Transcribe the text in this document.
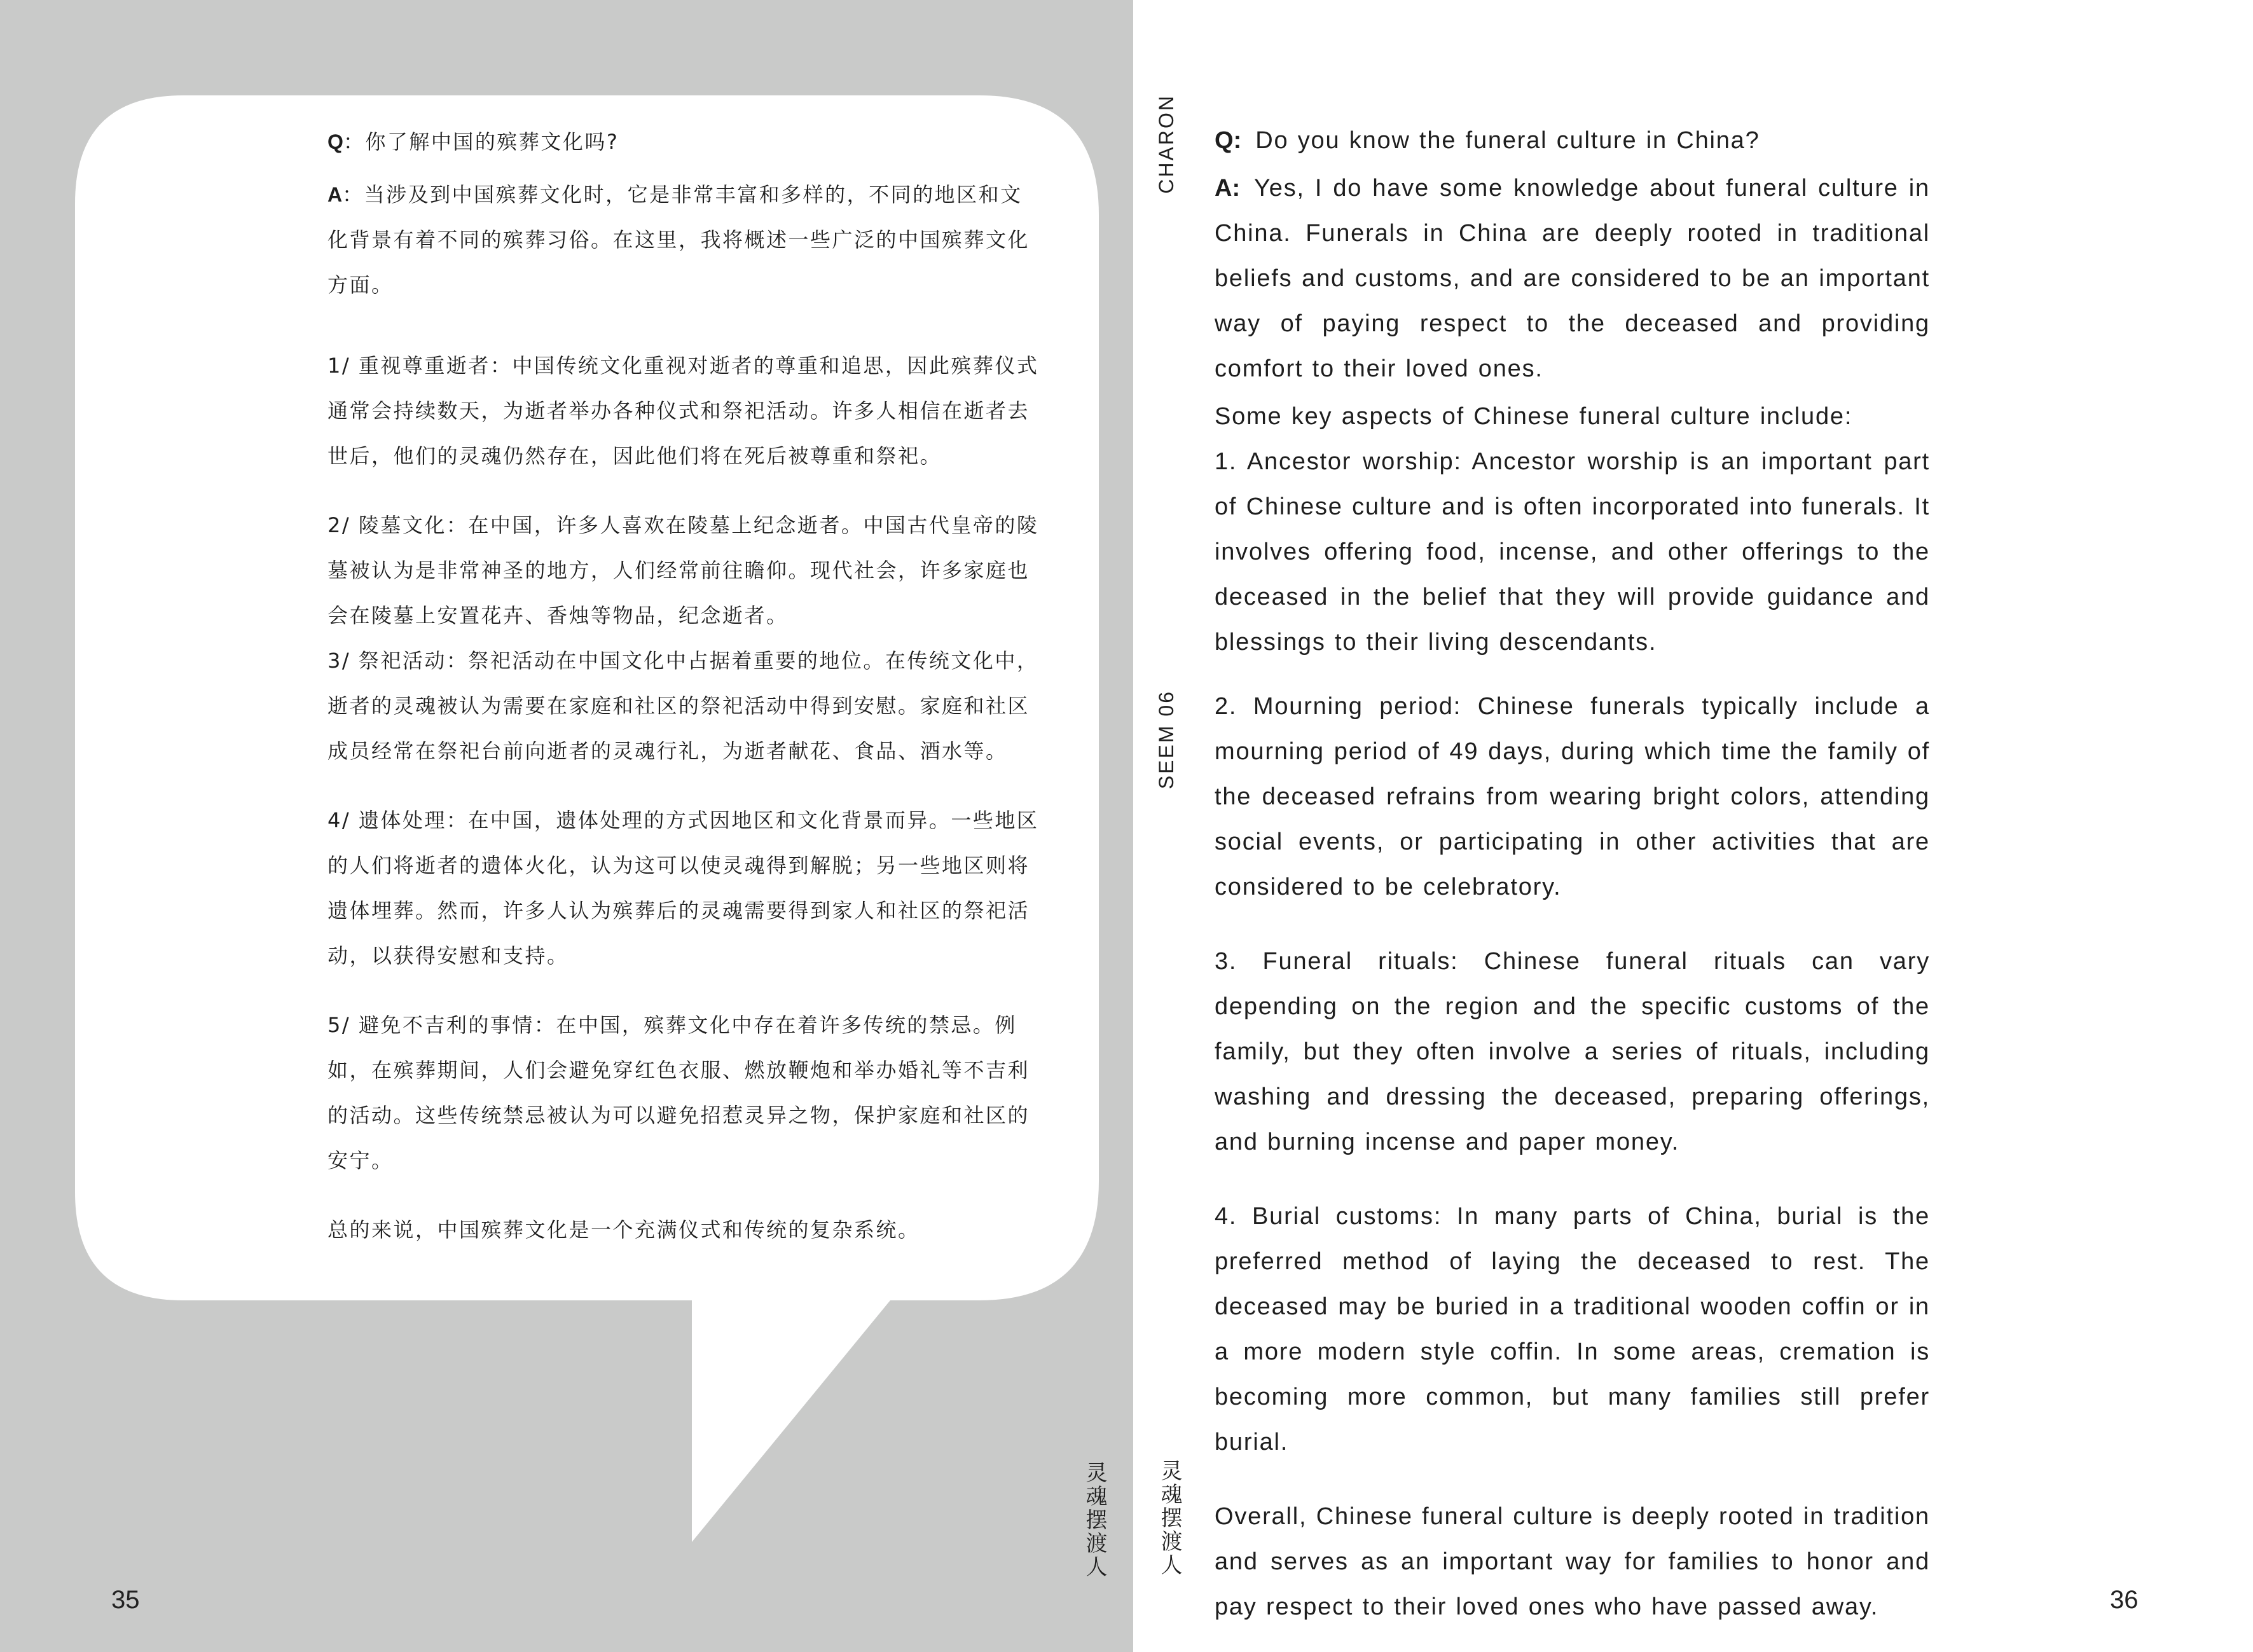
Q：你了解中国的殡葬文化吗?

A：当涉及到中国殡葬文化时，它是非常丰富和多样的，不同的地区和文化背景有着不同的殡葬习俗。在这里，我将概述一些广泛的中国殡葬文化方面。

1/ 重视尊重逝者：中国传统文化重视对逝者的尊重和追思，因此殡葬仪式通常会持续数天，为逝者举办各种仪式和祭祀活动。许多人相信在逝者去世后，他们的灵魂仍然存在，因此他们将在死后被尊重和祭祀。

2/ 陵墓文化：在中国，许多人喜欢在陵墓上纪念逝者。中国古代皇帝的陵墓被认为是非常神圣的地方，人们经常前往瞻仰。现代社会，许多家庭也会在陵墓上安置花卉、香烛等物品，纪念逝者。

3/ 祭祀活动：祭祀活动在中国文化中占据着重要的地位。在传统文化中，逝者的灵魂被认为需要在家庭和社区的祭祀活动中得到安慰。家庭和社区成员经常在祭祀台前向逝者的灵魂行礼，为逝者献花、食品、酒水等。

4/ 遗体处理：在中国，遗体处理的方式因地区和文化背景而异。一些地区的人们将逝者的遗体火化，认为这可以使灵魂得到解脱；另一些地区则将遗体埋葬。然而，许多人认为殡葬后的灵魂需要得到家人和社区的祭祀活动，以获得安慰和支持。

5/ 避免不吉利的事情：在中国，殡葬文化中存在着许多传统的禁忌。例如，在殡葬期间，人们会避免穿红色衣服、燃放鞭炮和举办婚礼等不吉利的活动。这些传统禁忌被认为可以避免招惹灵异之物，保护家庭和社区的安宁。

总的来说，中国殡葬文化是一个充满仪式和传统的复杂系统。

灵魂摆渡人
35
CHARON
SEEM 06
灵魂摆渡人

Q: Do you know the funeral culture in China?

A: Yes, I do have some knowledge about funeral culture in China. Funerals in China are deeply rooted in traditional beliefs and customs, and are considered to be an important way of paying respect to the deceased and providing comfort to their loved ones.

Some key aspects of Chinese funeral culture include:

1. Ancestor worship: Ancestor worship is an important part of Chinese culture and is often incorporated into funerals. It involves offering food, incense, and other offerings to the deceased in the belief that they will provide guidance and blessings to their living descendants.

2. Mourning period: Chinese funerals typically include a mourning period of 49 days, during which time the family of the deceased refrains from wearing bright colors, attending social events, or participating in other activities that are considered to be celebratory.

3. Funeral rituals: Chinese funeral rituals can vary depending on the region and the specific customs of the family, but they often involve a series of rituals, including washing and dressing the deceased, preparing offerings, and burning incense and paper money.

4. Burial customs: In many parts of China, burial is the preferred method of laying the deceased to rest. The deceased may be buried in a traditional wooden coffin or in a more modern style coffin. In some areas, cremation is becoming more common, but many families still prefer burial.

Overall, Chinese funeral culture is deeply rooted in tradition and serves as an important way for families to honor and pay respect to their loved ones who have passed away.	36
